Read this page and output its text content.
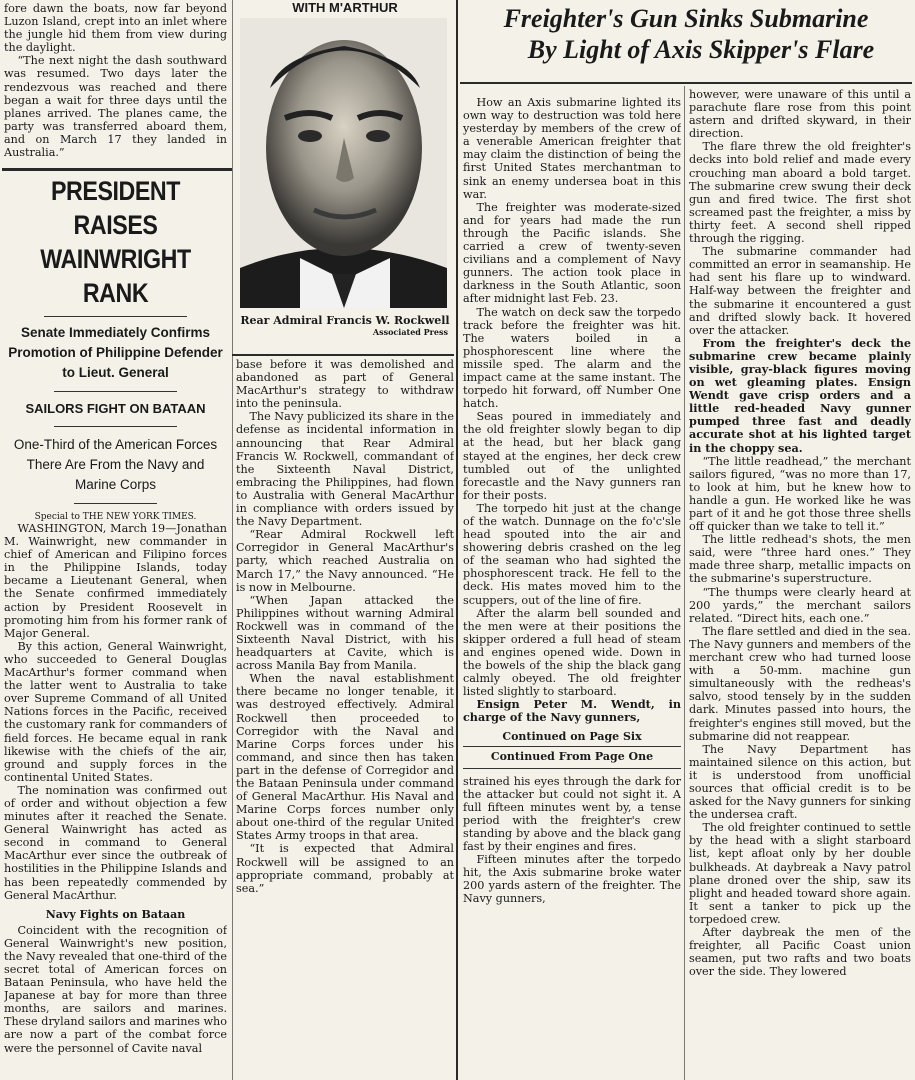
fore dawn the boats, now far beyond Luzon Island, crept into an inlet where the jungle hid them from view during the daylight.

“The next night the dash southward was resumed. Two days later the rendezvous was reached and there began a wait for three days until the planes arrived. The planes came, the party was transferred aboard them, and on March 17 they landed in Australia.”

PRESIDENT RAISES
WAINWRIGHT RANK
Senate Immediately Confirms Promotion of Philippine Defender to Lieut. General
SAILORS FIGHT ON BATAAN
One-Third of the American Forces There Are From the Navy and Marine Corps
Special to THE NEW YORK TIMES.

WASHINGTON, March 19—Jonathan M. Wainwright, new commander in chief of American and Filipino forces in the Philippine Islands, today became a Lieutenant General, when the Senate confirmed immediately action by President Roosevelt in promoting him from his former rank of Major General.

By this action, General Wainwright, who succeeded to General Douglas MacArthur's former command when the latter went to Australia to take over Supreme Command of all United Nations forces in the Pacific, received the customary rank for commanders of field forces. He became equal in rank likewise with the chiefs of the air, ground and supply forces in the continental United States.

The nomination was confirmed out of order and without objection a few minutes after it reached the Senate. General Wainwright has acted as second in command to General MacArthur ever since the outbreak of hostilities in the Philippine Islands and has been repeatedly commended by General MacArthur.

Navy Fights on Bataan

Coincident with the recognition of General Wainwright's new position, the Navy revealed that one-third of the secret total of American forces on Bataan Peninsula, who have held the Japanese at bay for more than three months, are sailors and marines. These dryland sailors and marines who are now a part of the combat force were the personnel of Cavite naval

WITH M'ARTHUR
Rear Admiral Francis W. Rockwell
Associated Press

base before it was demolished and abandoned as part of General MacArthur's strategy to withdraw into the peninsula.

The Navy publicized its share in the defense as incidental information in announcing that Rear Admiral Francis W. Rockwell, commandant of the Sixteenth Naval District, embracing the Philippines, had flown to Australia with General MacArthur in compliance with orders issued by the Navy Department.

“Rear Admiral Rockwell left Corregidor in General MacArthur's party, which reached Australia on March 17,” the Navy announced. “He is now in Melbourne.

“When Japan attacked the Philippines without warning Admiral Rockwell was in command of the Sixteenth Naval District, with his headquarters at Cavite, which is across Manila Bay from Manila.

When the naval establishment there became no longer tenable, it was destroyed effectively. Admiral Rockwell then proceeded to Corregidor with the Naval and Marine Corps forces under his command, and since then has taken part in the defense of Corregidor and the Bataan Peninsula under command of General MacArthur. His Naval and Marine Corps forces number only about one-third of the regular United States Army troops in that area.

“It is expected that Admiral Rockwell will be assigned to an appropriate command, probably at sea.”

Freighter's Gun Sinks Submarine
By Light of Axis Skipper's Flare

How an Axis submarine lighted its own way to destruction was told here yesterday by members of the crew of a venerable American freighter that may claim the distinction of being the first United States merchantman to sink an enemy undersea boat in this war.

The freighter was moderate-sized and for years had made the run through the Pacific islands. She carried a crew of twenty-seven civilians and a complement of Navy gunners. The action took place in darkness in the South Atlantic, soon after midnight last Feb. 23.

The watch on deck saw the torpedo track before the freighter was hit. The waters boiled in a phosphorescent line where the missile sped. The alarm and the impact came at the same instant. The torpedo hit forward, off Number One hatch.

Seas poured in immediately and the old freighter slowly began to dip at the head, but her black gang stayed at the engines, her deck crew tumbled out of the unlighted forecastle and the Navy gunners ran for their posts.

The torpedo hit just at the change of the watch. Dunnage on the fo'c'sle head spouted into the air and showering debris crashed on the leg of the seaman who had sighted the phosphorescent track. He fell to the deck. His mates moved him to the scuppers, out of the line of fire.

After the alarm bell sounded and the men were at their positions the skipper ordered a full head of steam and engines opened wide. Down in the bowels of the ship the black gang calmly obeyed. The old freighter listed slightly to starboard.

Ensign Peter M. Wendt, in charge of the Navy gunners,

Continued on Page Six
Continued From Page One

strained his eyes through the dark for the attacker but could not sight it. A full fifteen minutes went by, a tense period with the freighter's crew standing by above and the black gang fast by their engines and fires.

Fifteen minutes after the torpedo hit, the Axis submarine broke water 200 yards astern of the freighter. The Navy gunners,

however, were unaware of this until a parachute flare rose from this point astern and drifted skyward, in their direction.

The flare threw the old freighter's decks into bold relief and made every crouching man aboard a bold target. The submarine crew swung their deck gun and fired twice. The first shot screamed past the freighter, a miss by thirty feet. A second shell ripped through the rigging.

The submarine commander had committed an error in seamanship. He had sent his flare up to windward. Half-way between the freighter and the submarine it encountered a gust and drifted slowly back. It hovered over the attacker.

From the freighter's deck the submarine crew became plainly visible, gray-black figures moving on wet gleaming plates. Ensign Wendt gave crisp orders and a little red-headed Navy gunner pumped three fast and deadly accurate shot at his lighted target in the choppy sea.

“The little readhead,” the merchant sailors figured, “was no more than 17, to look at him, but he knew how to handle a gun. He worked like he was part of it and he got those three shells off quicker than we take to tell it.”

The little redhead's shots, the men said, were “three hard ones.” They made three sharp, metallic impacts on the submarine's superstructure.

“The thumps were clearly heard at 200 yards,” the merchant sailors related. “Direct hits, each one.”

The flare settled and died in the sea. The Navy gunners and members of the merchant crew who had turned loose with a 50-mm. machine gun simultaneously with the redheas's salvo, stood tensely by in the sudden dark. Minutes passed into hours, the freighter's engines still moved, but the submarine did not reappear.

The Navy Department has maintained silence on this action, but it is understood from unofficial sources that official credit is to be asked for the Navy gunners for sinking the undersea craft.

The old freighter continued to settle by the head with a slight starboard list, kept afloat only by her double bulkheads. At daybreak a Navy patrol plane droned over the ship, saw its plight and headed toward shore again. It sent a tanker to pick up the torpedoed crew.

After daybreak the men of the freighter, all Pacific Coast union seamen, put two rafts and two boats over the side. They lowered
